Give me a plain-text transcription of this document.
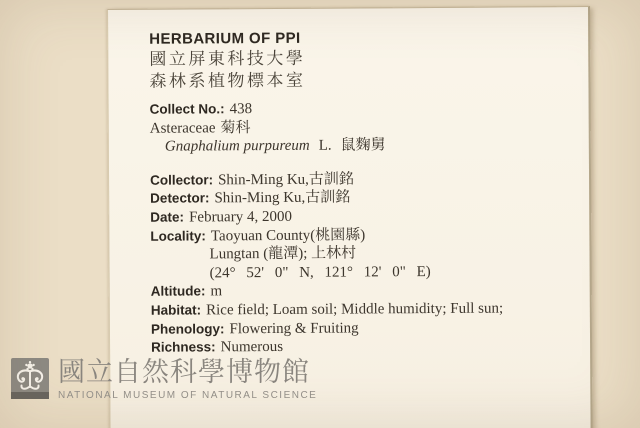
HERBARIUM OF PPI
國立屏東科技大學
森林系植物標本室
Collect No.: 438
Asteraceae 菊科
Gnaphalium purpureum L. 鼠麴舅
Collector: Shin-Ming Ku,古訓銘
Detector: Shin-Ming Ku,古訓銘
Date: February 4, 2000
Locality: Taoyuan County(桃園縣)
Lungtan (龍潭); 上林村
(24° 52' 0" N, 121° 12' 0" E)
Altitude: m
Habitat: Rice field; Loam soil; Middle humidity; Full sun;
Phenology: Flowering & Fruiting
Richness: Numerous
國立自然科學博物館
NATIONAL MUSEUM OF NATURAL SCIENCE
